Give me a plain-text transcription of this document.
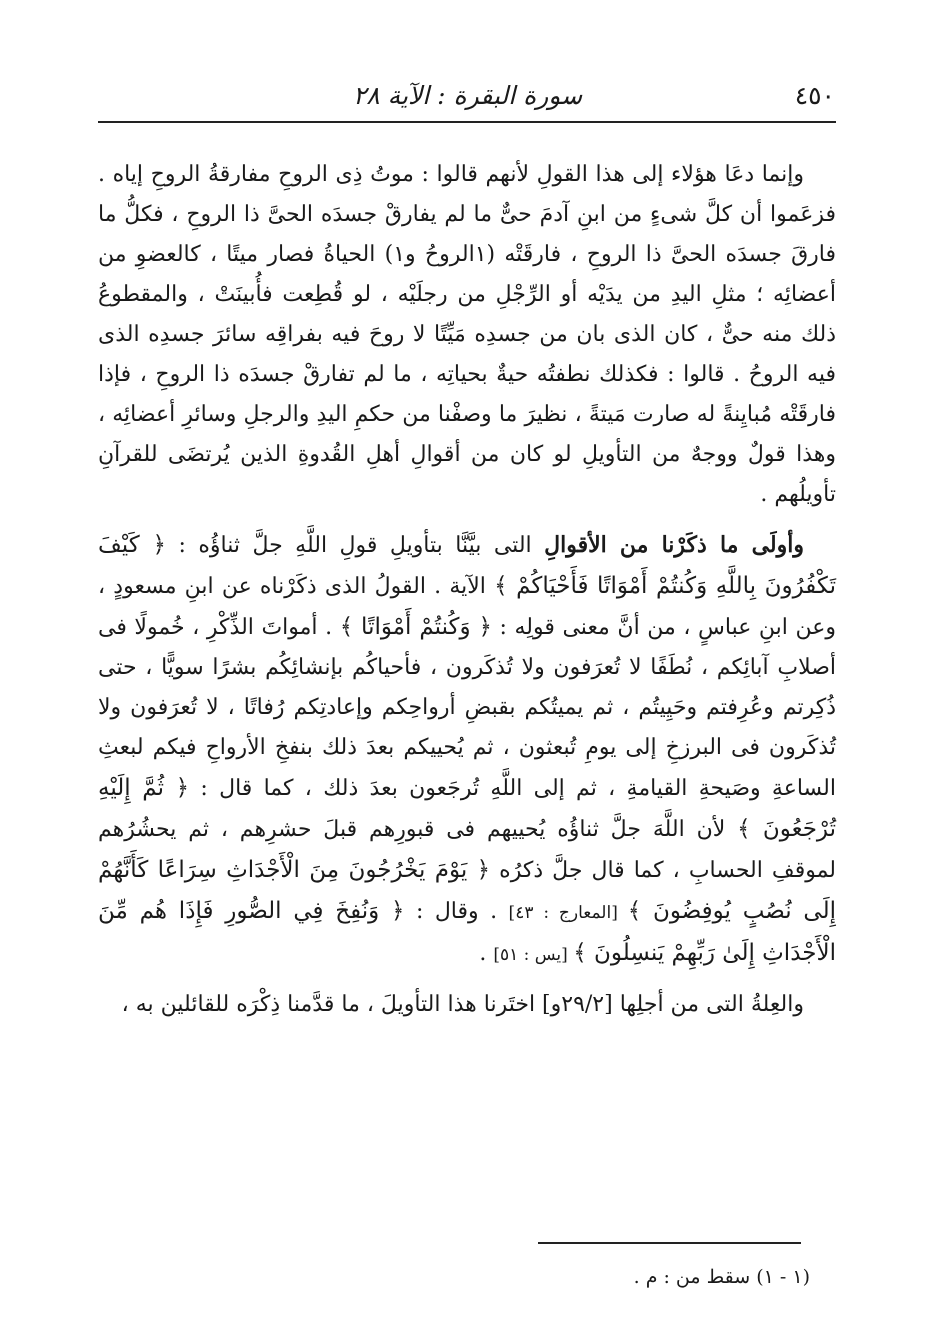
٤٥٠
سورة البقرة : الآية ٢٨

وإنما دعَا هؤلاء إلى هذا القولِ لأنهم قالوا : موتُ ذِى الروحِ مفارقةُ الروحِ إياه . فزعَموا أن كلَّ شىءٍ من ابنِ آدمَ حىٌّ ما لم يفارقْ جسدَه الحىَّ ذا الروحِ ، فكلُّ ما فارقَ جسدَه الحىَّ ذا الروحِ ، فارقَتْه (١الروحُ و١) الحياةُ فصار ميتًا ، كالعضوِ من أعضائِه ؛ مثلِ اليدِ من يدَيْه أو الرِّجْلِ من رجلَيْه ، لو قُطِعت فأُبينَتْ ، والمقطوعُ ذلك منه حىٌّ ، كان الذى بان من جسدِه مَيِّتًا لا روحَ فيه بفراقِه سائرَ جسدِه الذى فيه الروحُ . قالوا : فكذلك نطفتُه حيةٌ بحياتِه ، ما لم تفارقْ جسدَه ذا الروحِ ، فإذا فارقَتْه مُبايِنةً له صارت مَيتةً ، نظيرَ ما وصفْنا من حكمِ اليدِ والرجلِ وسائرِ أعضائِه ، وهذا قولٌ ووجهٌ من التأويلِ لو كان من أقوالِ أهلِ القُدوةِ الذين يُرتضَى للقرآنِ تأويلُهم .

وأولَى ما ذكَرْنا من الأقوالِ التى بيَّنَّا بتأويلِ قولِ اللَّهِ جلَّ ثناؤُه : ﴿ كَيْفَ تَكْفُرُونَ بِاللَّهِ وَكُنتُمْ أَمْوَاتًا فَأَحْيَاكُمْ ﴾ الآية . القولُ الذى ذكَرْناه عن ابنِ مسعودٍ ، وعن ابنِ عباسٍ ، من أنَّ معنى قولِه : ﴿ وَكُنتُمْ أَمْوَاتًا ﴾ . أمواتَ الذِّكْرِ ، خُمولًا فى أصلابِ آبائِكم ، نُطَفًا لا تُعرَفون ولا تُذكَرون ، فأحياكُم بإنشائِكُم بشرًا سويًّا ، حتى ذُكِرتم وعُرِفتم وحَيِيتُم ، ثم يميتُكم بقبضِ أرواحِكم وإعادتِكم رُفاتًا ، لا تُعرَفون ولا تُذكَرون فى البرزخِ إلى يومِ تُبعثون ، ثم يُحييكم بعدَ ذلك بنفخِ الأرواحِ فيكم لبعثِ الساعةِ وصَيحةِ القيامةِ ، ثم إلى اللَّهِ تُرجَعون بعدَ ذلك ، كما قال : ﴿ ثُمَّ إِلَيْهِ تُرْجَعُونَ ﴾ لأن اللَّهَ جلَّ ثناؤُه يُحييهم فى قبورِهم قبلَ حشرِهم ، ثم يحشُرُهم لموقفِ الحسابِ ، كما قال جلَّ ذكرُه ﴿ يَوْمَ يَخْرُجُونَ مِنَ الْأَجْدَاثِ سِرَاعًا كَأَنَّهُمْ إِلَى نُصُبٍ يُوفِضُونَ ﴾ [المعارج : ٤٣] . وقال : ﴿ وَنُفِخَ فِي الصُّورِ فَإِذَا هُم مِّنَ الْأَجْدَاثِ إِلَىٰ رَبِّهِمْ يَنسِلُونَ ﴾ [يس : ٥١] .

والعِلةُ التى من أجلِها [٢٩/٢و] اختَرنا هذا التأويلَ ، ما قدَّمنا ذِكْرَه للقائلين به ،

(١ - ١) سقط من : م .
